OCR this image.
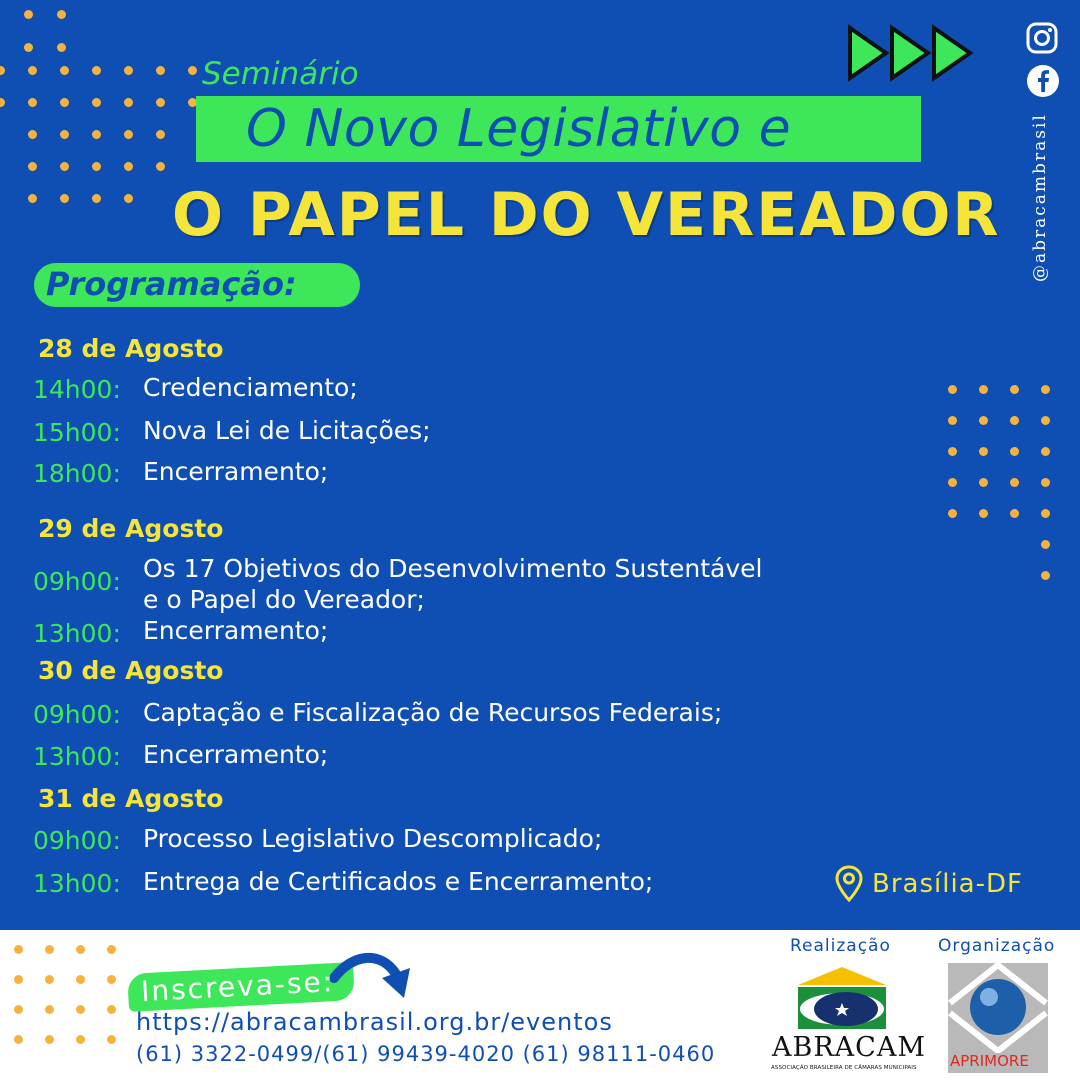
@abracambrasil
Seminário
O Novo Legislativo e
O PAPEL DO VEREADOR
Programação:
28 de Agosto
14h00: Credenciamento;
15h00: Nova Lei de Licitações;
18h00: Encerramento;
29 de Agosto
09h00: Os 17 Objetivos do Desenvolvimento Sustentável
e o Papel do Vereador;
13h00: Encerramento;
30 de Agosto
09h00: Captação e Fiscalização de Recursos Federais;
13h00: Encerramento;
31 de Agosto
09h00: Processo Legislativo Descomplicado;
13h00: Entrega de Certificados e Encerramento;	Brasília-DF
Inscreva-se:
https://abracambrasil.org.br/eventos
(61) 3322-0499/(61) 99439-4020 (61) 98111-0460
Realização	Organização
ABRACAM
ASSOCIAÇÃO BRASILEIRA DE CÂMARAS MUNICIPAIS APRIMORE
